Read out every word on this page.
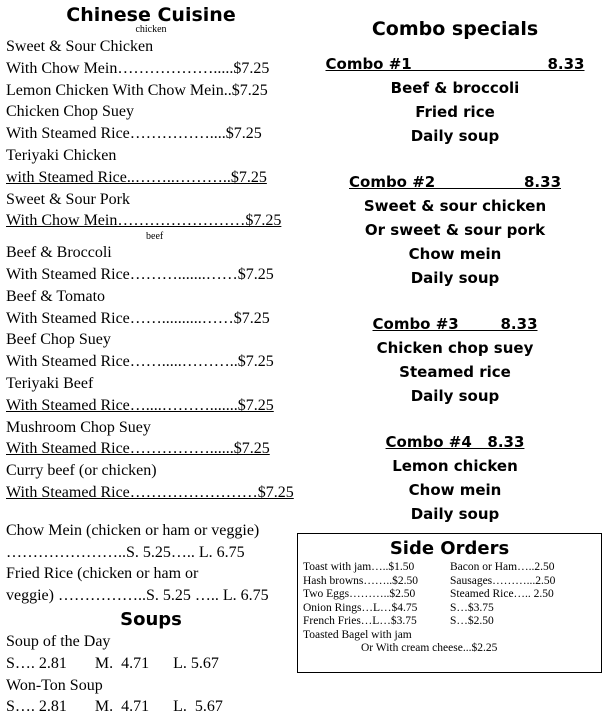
Chinese Cuisine
chicken
Sweet & Sour Chicken
With Chow Mein……………….....$7.25
Lemon Chicken With Chow Mein..$7.25
Chicken Chop Suey
With Steamed Rice……………....$7.25
Teriyaki Chicken
with Steamed Rice..……..………..$7.25
Sweet & Sour Pork
With Chow Mein……………………$7.25
beef
Beef & Broccoli
With Steamed Rice……….......……$7.25
Beef & Tomato
With Steamed Rice……..........……$7.25
Beef Chop Suey
With Steamed Rice…….....………..$7.25
Teriyaki Beef
With Steamed Rice…....……….......$7.25
Mushroom Chop Suey
With Steamed Rice……………......$7.25
Curry beef (or chicken)
With Steamed Rice……………………$7.25
Chow Mein (chicken or ham or veggie)
…………………..S. 5.25….. L. 6.75
Fried Rice (chicken or ham or
veggie) ……………..S. 5.25 ….. L. 6.75
Soups
Soup of the Day
S…. 2.81       M.  4.71      L. 5.67
Won-Ton Soup
S…. 2.81       M.  4.71      L.  5.67
Combo specials
Combo #1                          8.33
Beef & broccoli
Fried rice
Daily soup
Combo #2                 8.33
Sweet & sour chicken
Or sweet & sour pork
Chow mein
Daily soup
Combo #3        8.33
Chicken chop suey
Steamed rice
Daily soup
Combo #4   8.33
Lemon chicken
Chow mein
Daily soup
Side Orders
Toast with jam…..$1.50	Bacon or Ham…..2.50
Hash browns……..$2.50	Sausages………...2.50
Two Eggs………..$2.50	Steamed Rice….. 2.50
Onion Rings…L…$4.75	S…$3.75
French Fries…L…$3.75	S…$2.50
Toasted Bagel with jam
Or With cream cheese...$2.25
